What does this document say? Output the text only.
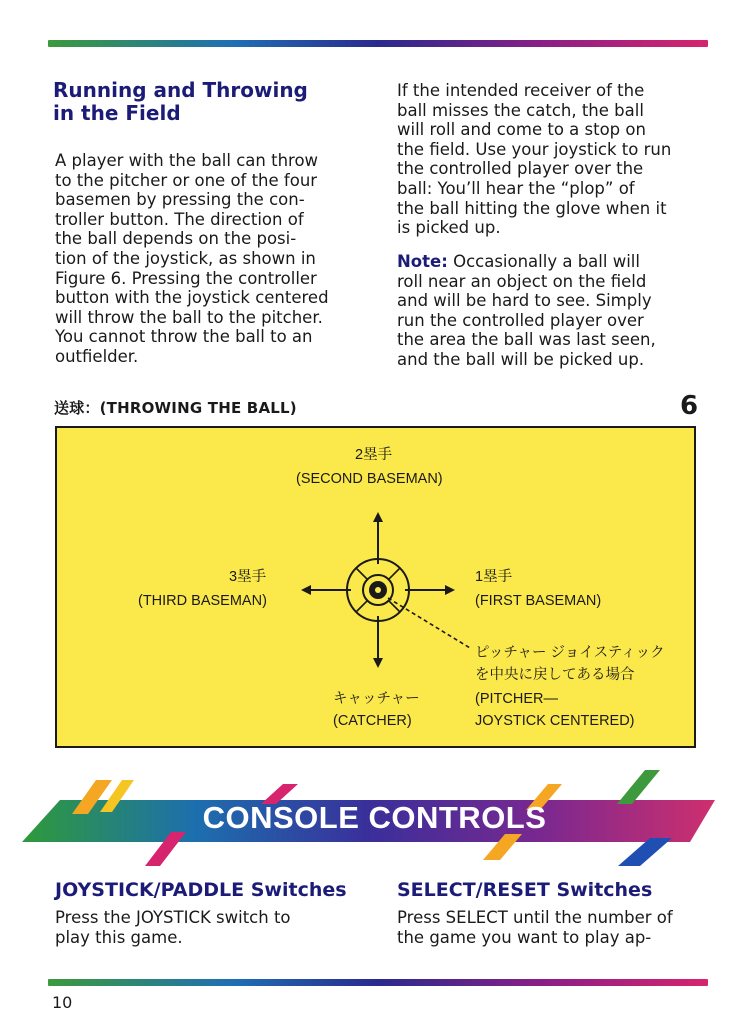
Running and Throwing
in the Field
A player with the ball can throw
to the pitcher or one of the four
basemen by pressing the con-
troller button. The direction of
the ball depends on the posi-
tion of the joystick, as shown in
Figure 6. Pressing the controller
button with the joystick centered
will throw the ball to the pitcher.
You cannot throw the ball to an
outfielder.
If the intended receiver of the
ball misses the catch, the ball
will roll and come to a stop on
the field. Use your joystick to run
the controlled player over the
ball: You’ll hear the “plop” of
the ball hitting the glove when it
is picked up.
Note: Occasionally a ball will
roll near an object on the field
and will be hard to see. Simply
run the controlled player over
the area the ball was last seen,
and the ball will be picked up.
送球：(THROWING THE BALL)	6
2塁手
(SECOND BASEMAN)
3塁手
(THIRD BASEMAN)
1塁手
(FIRST BASEMAN)
ピッチャー ジョイスティック
を中央に戻してある場合
(PITCHER—
JOYSTICK CENTERED)
キャッチャー
(CATCHER)
CONSOLE CONTROLS
JOYSTICK/PADDLE Switches
Press the JOYSTICK switch to
play this game.
SELECT/RESET Switches
Press SELECT until the number of
the game you want to play ap-
10
